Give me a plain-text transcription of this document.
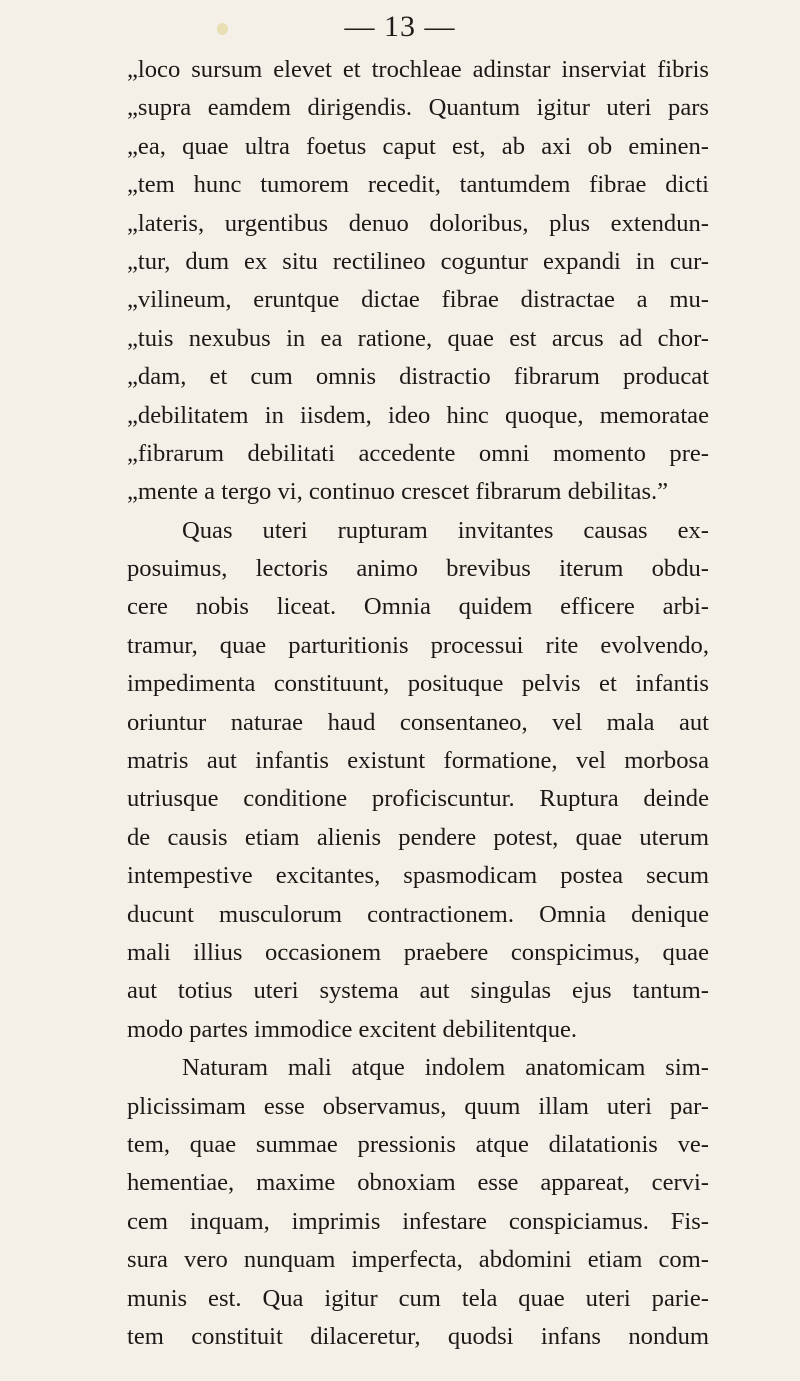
— 13 —
„loco sursum elevet et trochleae adinstar inserviat fibris
„supra eamdem dirigendis. Quantum igitur uteri pars
„ea, quae ultra foetus caput est, ab axi ob eminen-
„tem hunc tumorem recedit, tantumdem fibrae dicti
„lateris, urgentibus denuo doloribus, plus extendun-
„tur, dum ex situ rectilineo coguntur expandi in cur-
„vilineum, eruntque dictae fibrae distractae a mu-
„tuis nexubus in ea ratione, quae est arcus ad chor-
„dam, et cum omnis distractio fibrarum producat
„debilitatem in iisdem, ideo hinc quoque, memoratae
„fibrarum debilitati accedente omni momento pre-
„mente a tergo vi, continuo crescet fibrarum debilitas.”
Quas uteri rupturam invitantes causas ex-
posuimus, lectoris animo brevibus iterum obdu-
cere nobis liceat. Omnia quidem efficere arbi-
tramur, quae parturitionis processui rite evolvendo,
impedimenta constituunt, posituque pelvis et infantis
oriuntur naturae haud consentaneo, vel mala aut
matris aut infantis existunt formatione, vel morbosa
utriusque conditione proficiscuntur. Ruptura deinde
de causis etiam alienis pendere potest, quae uterum
intempestive excitantes, spasmodicam postea secum
ducunt musculorum contractionem. Omnia denique
mali illius occasionem praebere conspicimus, quae
aut totius uteri systema aut singulas ejus tantum-
modo partes immodice excitent debilitentque.
Naturam mali atque indolem anatomicam sim-
plicissimam esse observamus, quum illam uteri par-
tem, quae summae pressionis atque dilatationis ve-
hementiae, maxime obnoxiam esse appareat, cervi-
cem inquam, imprimis infestare conspiciamus. Fis-
sura vero nunquam imperfecta, abdomini etiam com-
munis est. Qua igitur cum tela quae uteri parie-
tem constituit dilaceretur, quodsi infans nondum
